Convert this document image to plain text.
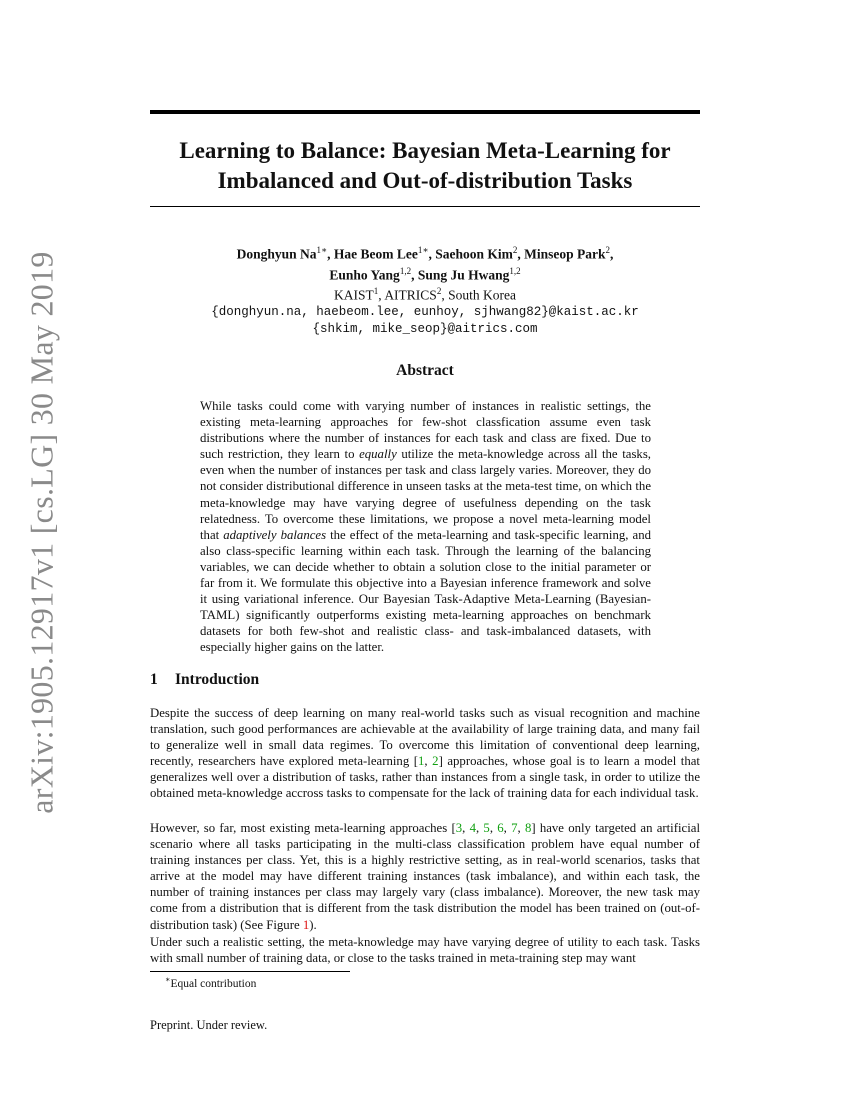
arXiv:1905.12917v1 [cs.LG] 30 May 2019
Learning to Balance: Bayesian Meta-Learning for
Imbalanced and Out-of-distribution Tasks
Donghyun $Na^{1∗}$, Hae Beom Lee$^{1∗}$, Saehoon Kim$^2$, Minseop Park$^2$,
Eunho Yang$^{1,2}$, Sung Ju Hwang$^{1,2}$
KAIST$^1$, AITRICS$^2$, South Korea
{donghyun.na, haebeom.lee, eunhoy, sjhwang82}@kaist.ac.kr
{shkim, mike_seop}@aitrics.com
Abstract
While tasks could come with varying number of instances in realistic settings, the existing meta-learning approaches for few-shot classfication assume even task distributions where the number of instances for each task and class are fixed. Due to such restriction, they learn to equally utilize the meta-knowledge across all the tasks, even when the number of instances per task and class largely varies. Moreover, they do not consider distributional difference in unseen tasks at the meta-test time, on which the meta-knowledge may have varying degree of usefulness depending on the task relatedness. To overcome these limitations, we propose a novel meta-learning model that adaptively balances the effect of the meta-learning and task-specific learning, and also class-specific learning within each task. Through the learning of the balancing variables, we can decide whether to obtain a solution close to the initial parameter or far from it. We formulate this objective into a Bayesian inference framework and solve it using variational inference. Our Bayesian Task-Adaptive Meta-Learning (Bayesian-TAML) significantly outperforms existing meta-learning approaches on benchmark datasets for both few-shot and realistic class- and task-imbalanced datasets, with especially higher gains on the latter.
1 Introduction

Despite the success of deep learning on many real-world tasks such as visual recognition and machine translation, such good performances are achievable at the availability of large training data, and many fail to generalize well in small data regimes. To overcome this limitation of conventional deep learning, recently, researchers have explored meta-learning [1, 2] approaches, whose goal is to learn a model that generalizes well over a distribution of tasks, rather than instances from a single task, in order to utilize the obtained meta-knowledge accross tasks to compensate for the lack of training data for each individual task.

However, so far, most existing meta-learning approaches [3, 4, 5, 6, 7, 8] have only targeted an artificial scenario where all tasks participating in the multi-class classification problem have equal number of training instances per class. Yet, this is a highly restrictive setting, as in real-world scenarios, tasks that arrive at the model may have different training instances (task imbalance), and within each task, the number of training instances per class may largely vary (class imbalance). Moreover, the new task may come from a distribution that is different from the task distribution the model has been trained on (out-of-distribution task) (See Figure 1).

Under such a realistic setting, the meta-knowledge may have varying degree of utility to each task. Tasks with small number of training data, or close to the tasks trained in meta-training step may want

∗Equal contribution
Preprint. Under review.
